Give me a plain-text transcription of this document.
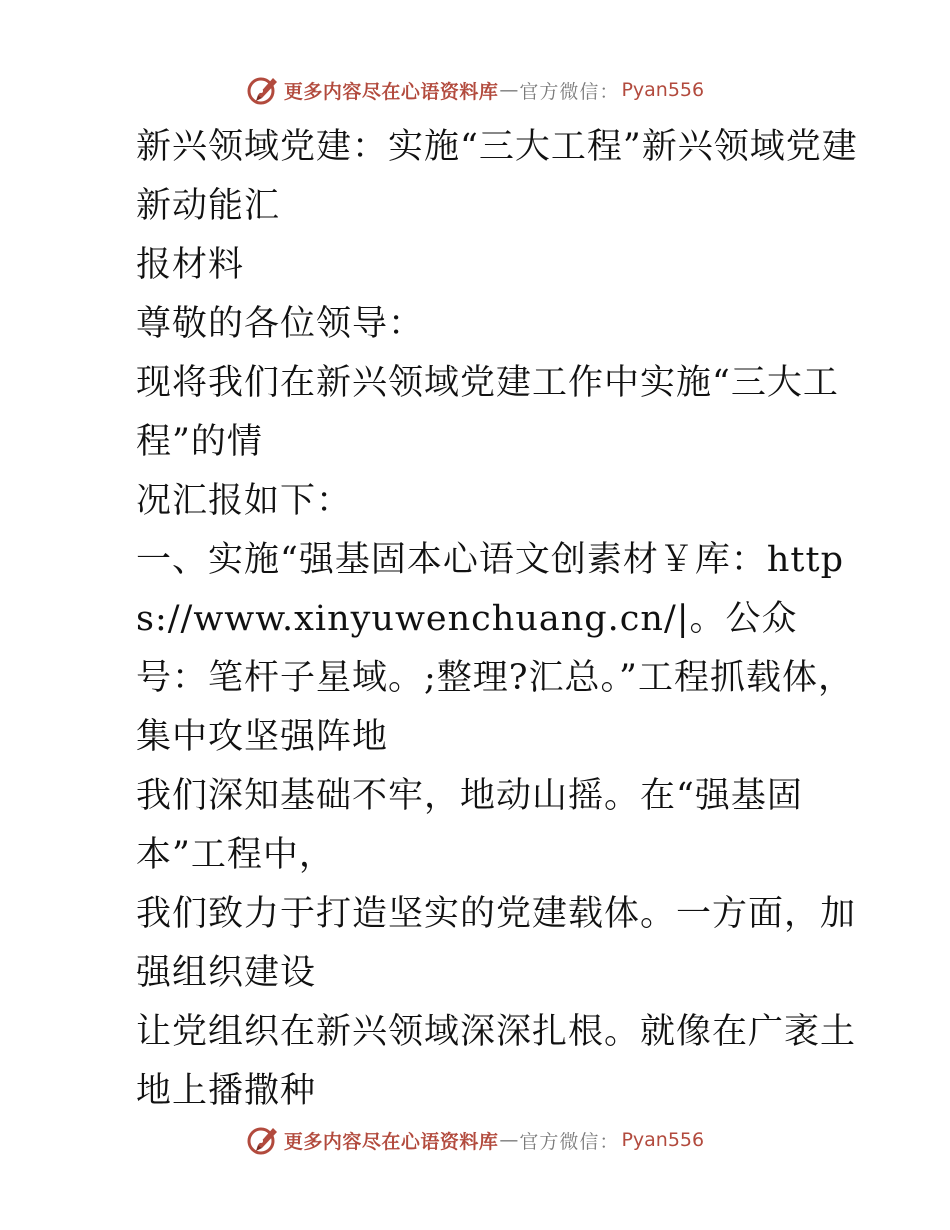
更多内容尽在心语资料库 — 官方微信： Pyan556

新兴领域党建：实施“三大工程”新兴领域党建新动能汇

报材料

尊敬的各位领导：

现将我们在新兴领域党建工作中实施“三大工程”的情

况汇报如下：

一、实施“强基固本心语文创素材￥库：https://www.xinyuwenchuang.cn/|。公众号：笔杆子星域。;整理?汇总。”工程抓载体，集中攻坚强阵地

我们深知基础不牢，地动山摇。在“强基固本”工程中，

我们致力于打造坚实的党建载体。一方面，加强组织建设

让党组织在新兴领域深深扎根。就像在广袤土地上播撒种

更多内容尽在心语资料库 — 官方微信： Pyan556
